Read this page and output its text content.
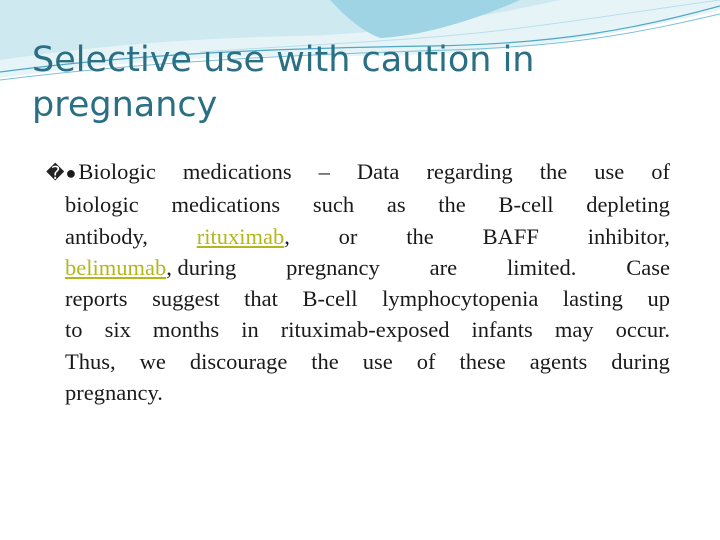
Selective use with caution in
pregnancy
�●Biologic medications – Data regarding the use of
biologic medications such as the B-cell depleting
antibody, rituximab, or the BAFF inhibitor,
belimumab, during pregnancy are limited. Case
reports suggest that B-cell lymphocytopenia lasting up
to six months in rituximab-exposed infants may occur.
Thus, we discourage the use of these agents during
pregnancy.
